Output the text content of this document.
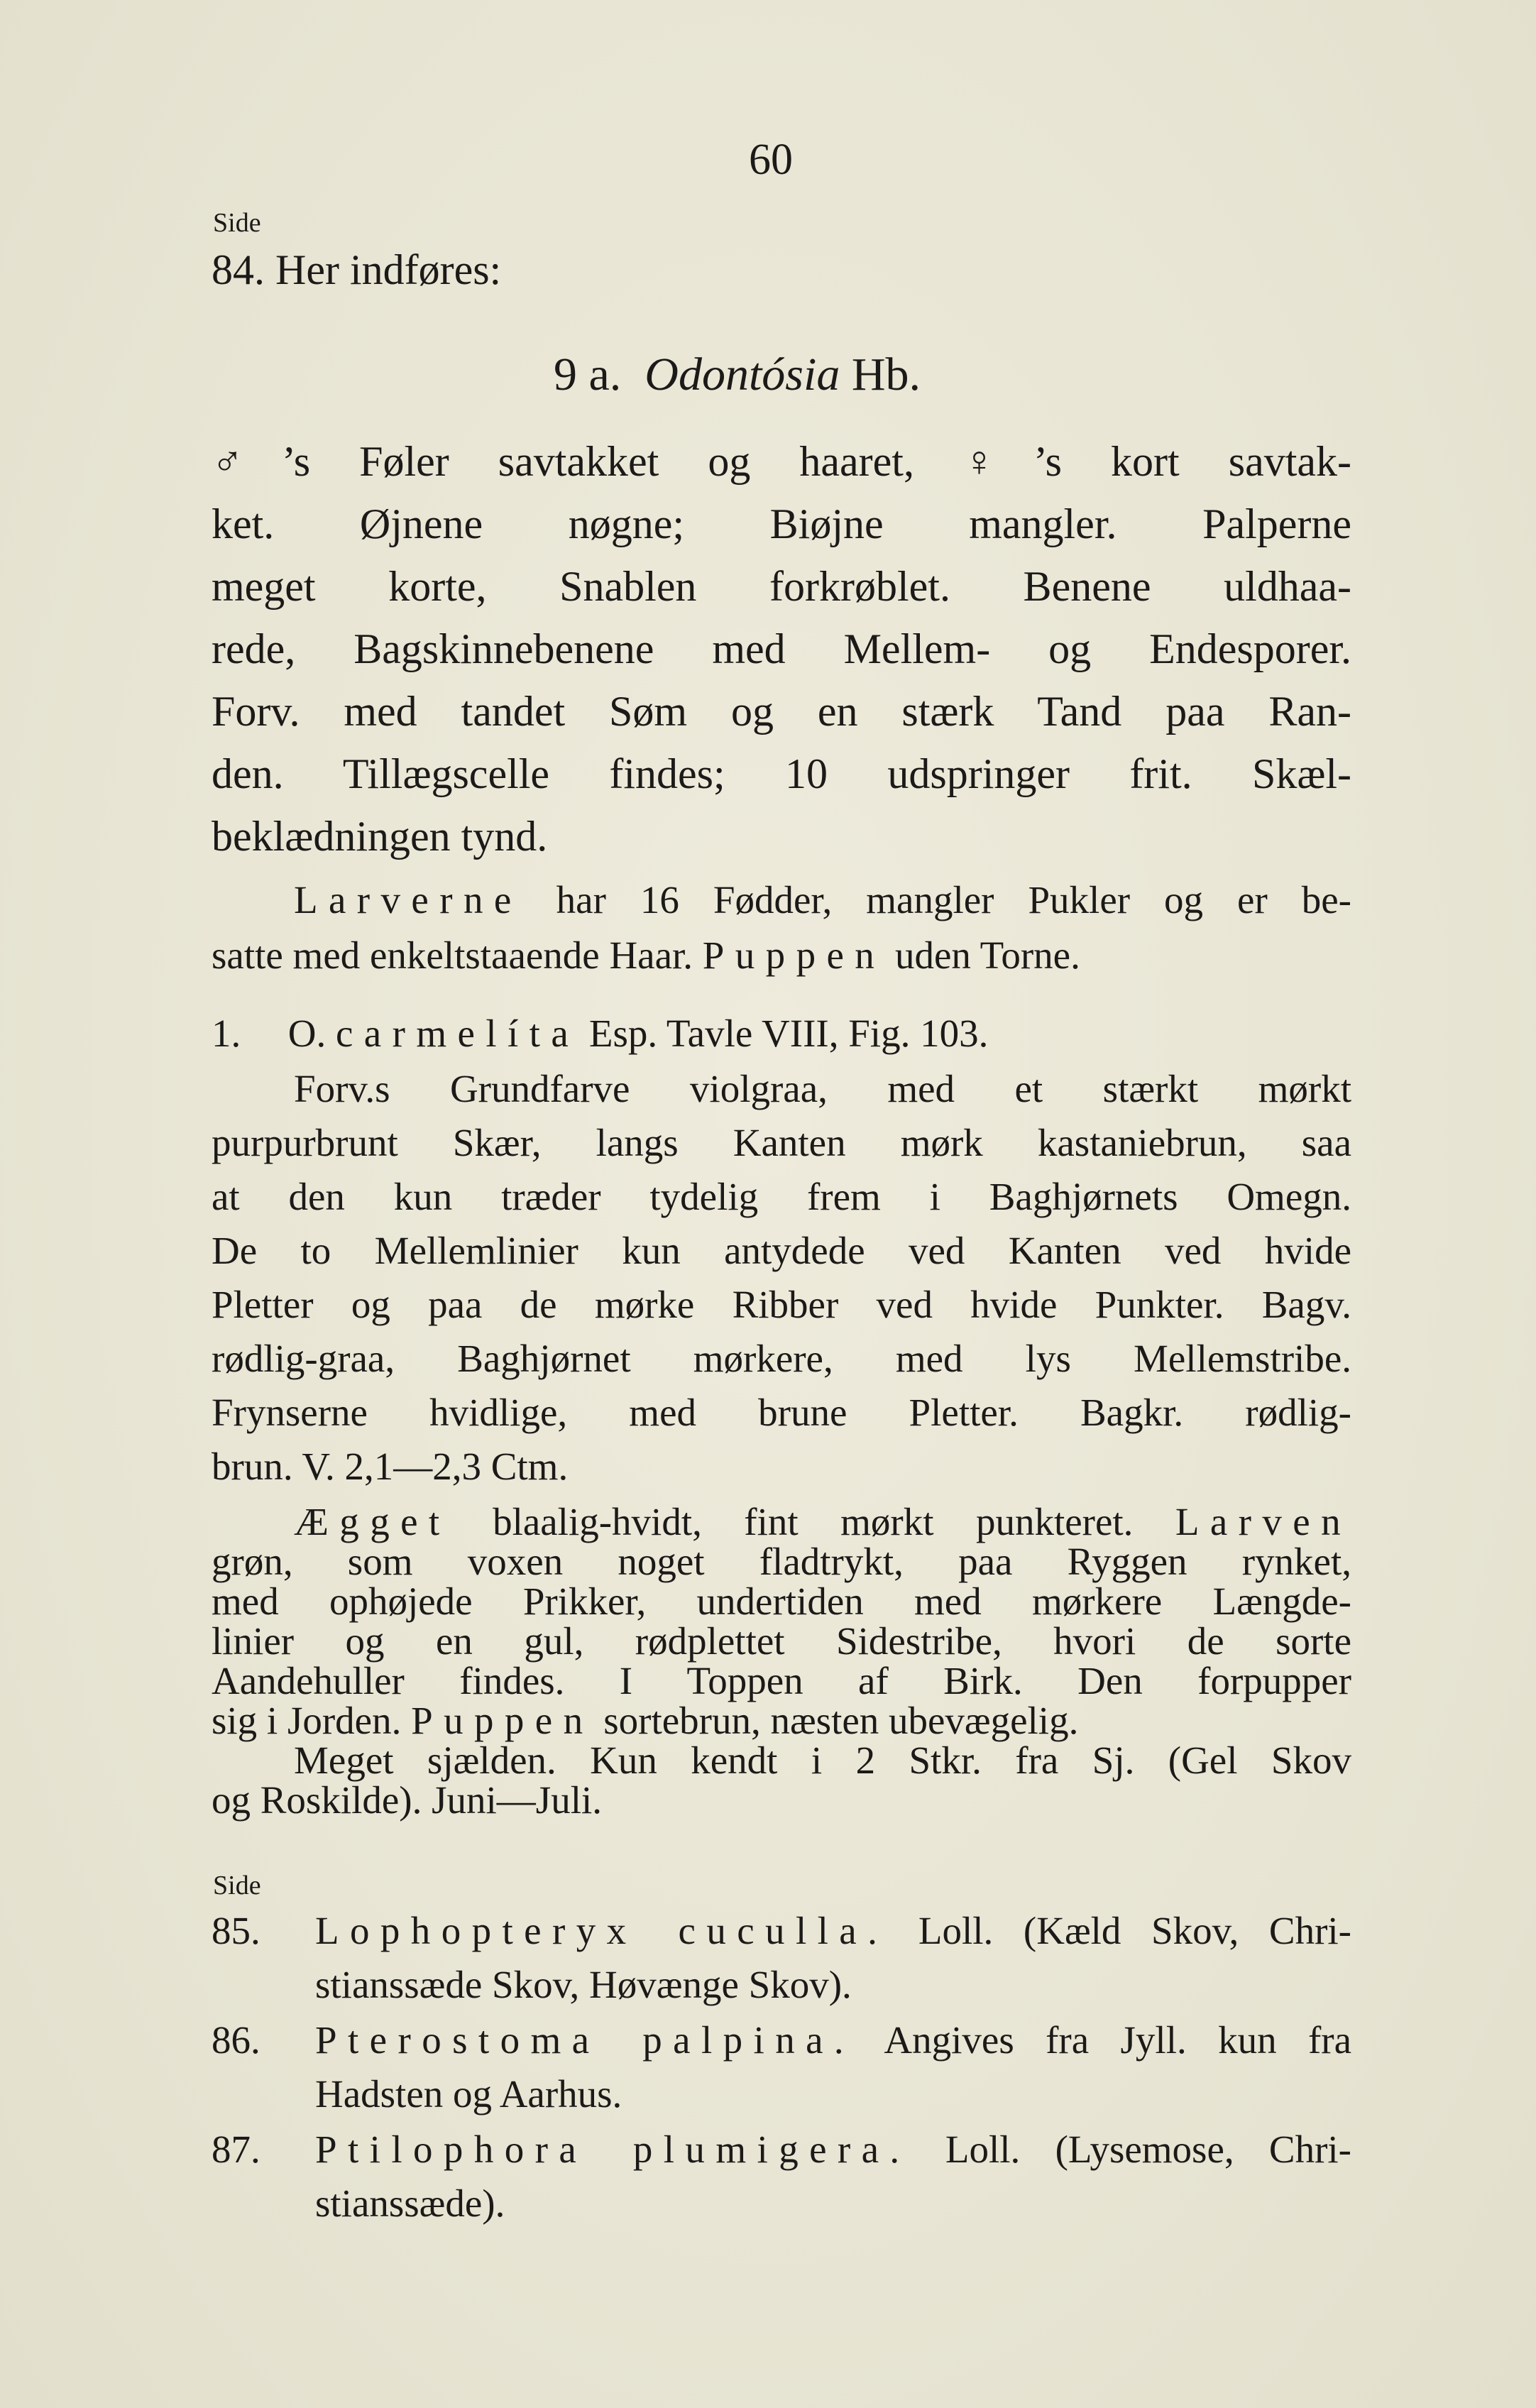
60
Side
84. Her indføres:
9 a. Odontósia Hb.
♂’s Føler savtakket og haaret, ♀’s kort savtak-
ket. Øjnene nøgne; Biøjne mangler. Palperne
meget korte, Snablen forkrøblet. Benene uldhaa-
rede, Bagskinnebenene med Mellem- og Endesporer.
Forv. med tandet Søm og en stærk Tand paa Ran-
den. Tillægscelle findes; 10 udspringer frit. Skæl-
beklædningen tynd.
Larverne har 16 Fødder, mangler Pukler og er be-
satte med enkeltstaaende Haar. Puppen uden Torne.
1. O. carmelíta Esp. Tavle VIII, Fig. 103.
Forv.s Grundfarve violgraa, med et stærkt mørkt
purpurbrunt Skær, langs Kanten mørk kastaniebrun, saa
at den kun træder tydelig frem i Baghjørnets Omegn.
De to Mellemlinier kun antydede ved Kanten ved hvide
Pletter og paa de mørke Ribber ved hvide Punkter. Bagv.
rødlig-graa, Baghjørnet mørkere, med lys Mellemstribe.
Frynserne hvidlige, med brune Pletter. Bagkr. rødlig-
brun. V. 2,1—2,3 Ctm.
Ægget blaalig-hvidt, fint mørkt punkteret. Larven
grøn, som voxen noget fladtrykt, paa Ryggen rynket,
med ophøjede Prikker, undertiden med mørkere Længde-
linier og en gul, rødplettet Sidestribe, hvori de sorte
Aandehuller findes. I Toppen af Birk. Den forpupper
sig i Jorden. Puppen sortebrun, næsten ubevægelig.
Meget sjælden. Kun kendt i 2 Stkr. fra Sj. (Gel Skov
og Roskilde). Juni—Juli.
Side
85. Lophopteryx cuculla. Loll. (Kæld Skov, Chri-
stianssæde Skov, Høvænge Skov).
86. Pterostoma palpina. Angives fra Jyll. kun fra
Hadsten og Aarhus.
87. Ptilophora plumigera. Loll. (Lysemose, Chri-
stianssæde).
